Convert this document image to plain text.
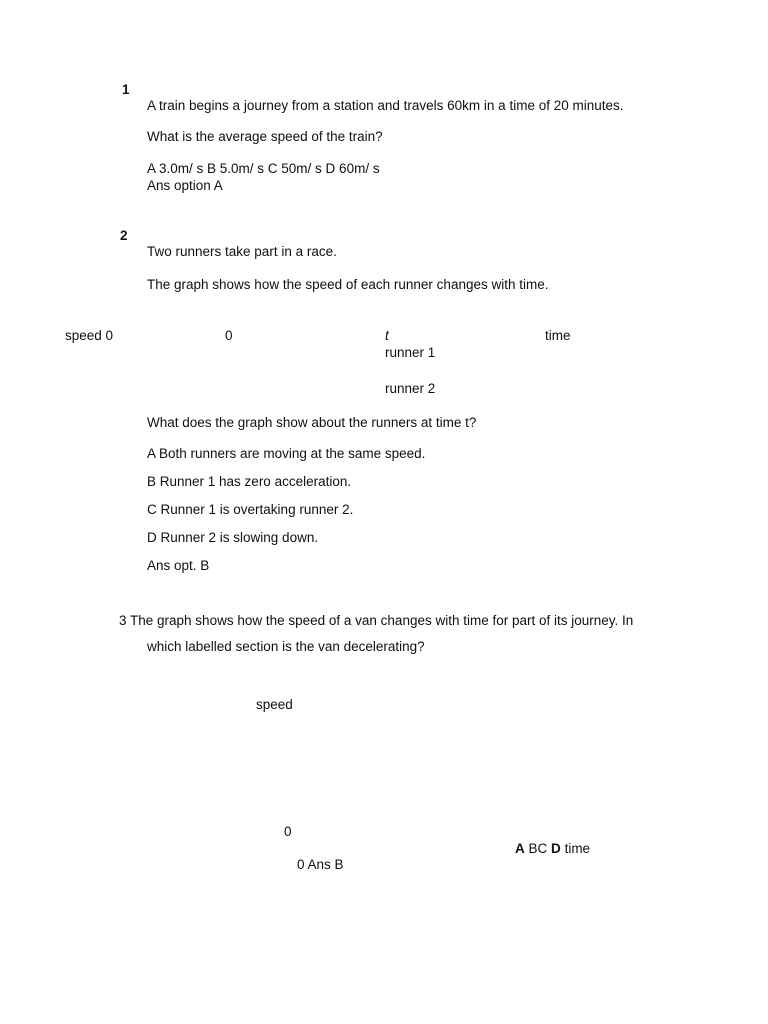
1
A train begins a journey from a station and travels 60km in a time of 20 minutes.
What is the average speed of the train?
A 3.0m/ s B 5.0m/ s C 50m/ s D 60m/ s
Ans option A
2
Two runners take part in a race.
The graph shows how the speed of each runner changes with time.
speed 0	0	t	time
runner 1
runner 2
What does the graph show about the runners at time t?
A Both runners are moving at the same speed.
B Runner 1 has zero acceleration.
C Runner 1 is overtaking runner 2.
D Runner 2 is slowing down.
Ans opt. B
3 The graph shows how the speed of a van changes with time for part of its journey. In
which labelled section is the van decelerating?
speed
0
A BC D time
0 Ans B
